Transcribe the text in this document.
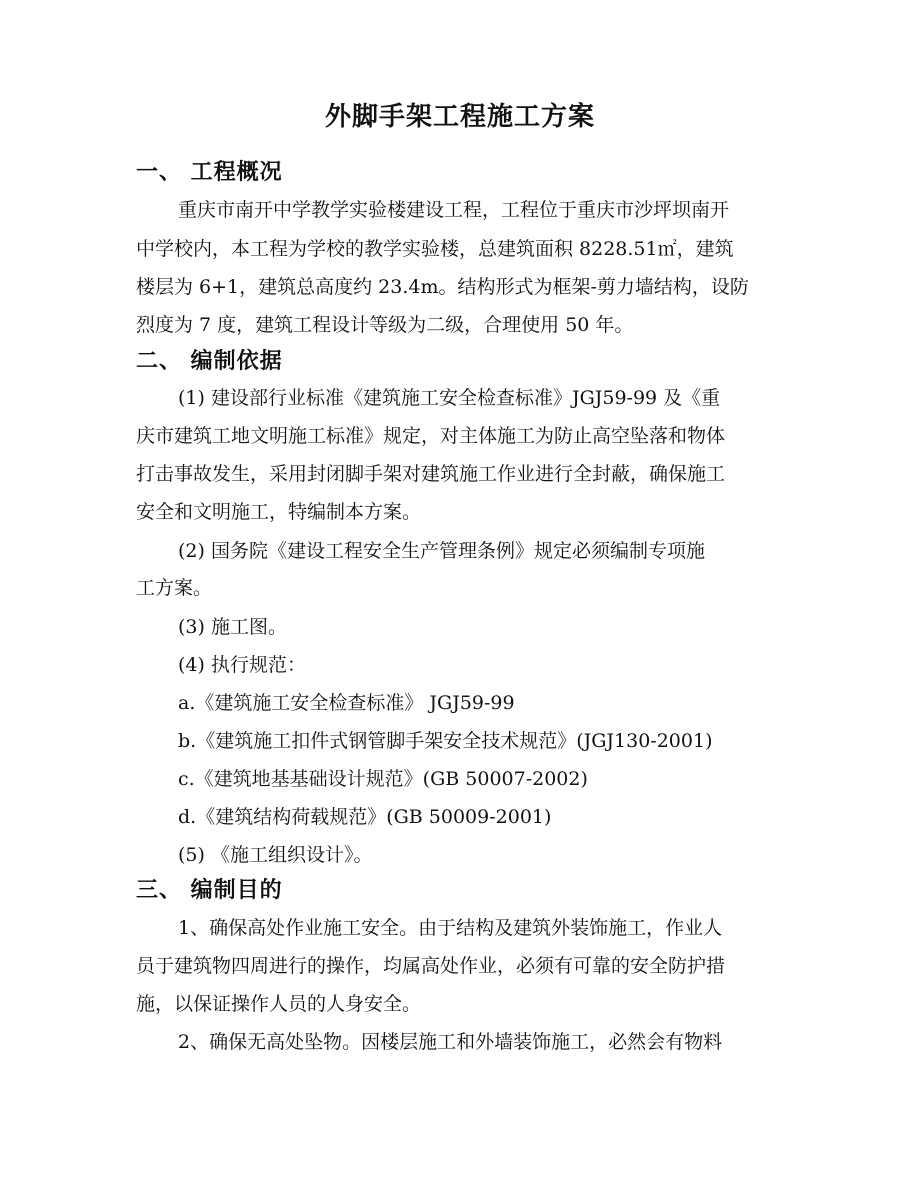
外脚手架工程施工方案
一、 工程概况
重庆市南开中学教学实验楼建设工程，工程位于重庆市沙坪坝南开
中学校内，本工程为学校的教学实验楼，总建筑面积 8228.51㎡，建筑
楼层为 6+1，建筑总高度约 23.4m。结构形式为框架-剪力墙结构，设防
烈度为 7 度，建筑工程设计等级为二级，合理使用 50 年。
二、 编制依据
(1) 建设部行业标准《建筑施工安全检查标准》JGJ59-99 及《重
庆市建筑工地文明施工标准》规定，对主体施工为防止高空坠落和物体
打击事故发生，采用封闭脚手架对建筑施工作业进行全封蔽，确保施工
安全和文明施工，特编制本方案。
(2) 国务院《建设工程安全生产管理条例》规定必须编制专项施
工方案。
(3) 施工图。
(4) 执行规范：
a.《建筑施工安全检查标准》 JGJ59-99
b.《建筑施工扣件式钢管脚手架安全技术规范》(JGJ130-2001)
c.《建筑地基基础设计规范》(GB 50007-2002)
d.《建筑结构荷载规范》(GB 50009-2001)
(5) 《施工组织设计》。
三、 编制目的
1、确保高处作业施工安全。由于结构及建筑外装饰施工，作业人
员于建筑物四周进行的操作，均属高处作业，必须有可靠的安全防护措
施，以保证操作人员的人身安全。
2、确保无高处坠物。因楼层施工和外墙装饰施工，必然会有物料
